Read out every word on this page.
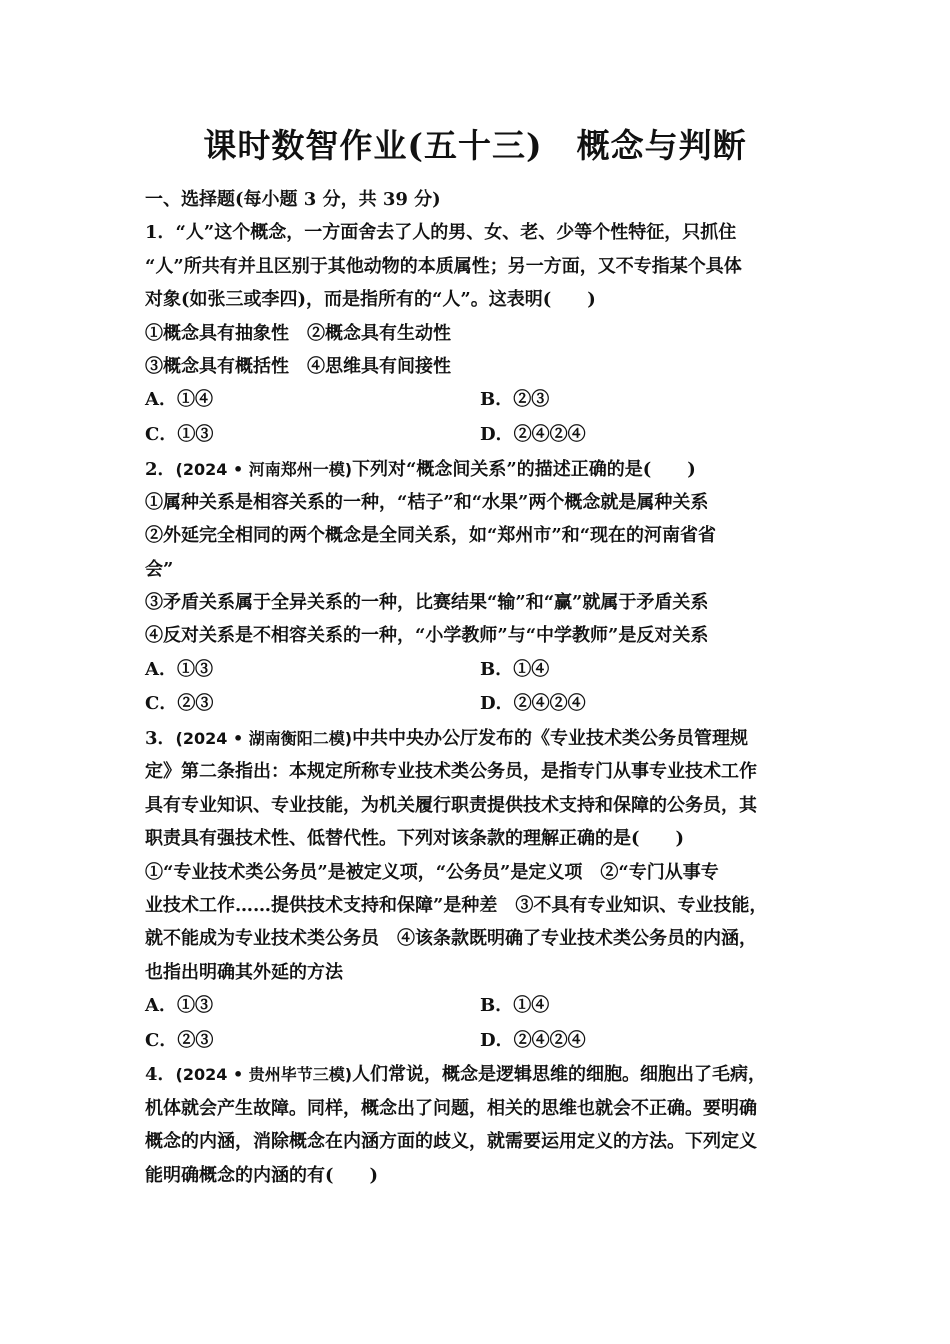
课时数智作业(五十三)　概念与判断
一、选择题(每小题 3 分，共 39 分)
1．“人”这个概念，一方面舍去了人的男、女、老、少等个性特征，只抓住
“人”所共有并且区别于其他动物的本质属性；另一方面，又不专指某个具体
对象(如张三或李四)，而是指所有的“人”。这表明(　　)
①概念具有抽象性　②概念具有生动性
③概念具有概括性　④思维具有间接性
A．①④	B．②③
C．①③	D．②④②④
2．(2024 • 河南郑州一模)下列对“概念间关系”的描述正确的是(　　)
①属种关系是相容关系的一种，“桔子”和“水果”两个概念就是属种关系
②外延完全相同的两个概念是全同关系，如“郑州市”和“现在的河南省省
会”
③矛盾关系属于全异关系的一种，比赛结果“输”和“赢”就属于矛盾关系
④反对关系是不相容关系的一种，“小学教师”与“中学教师”是反对关系
A．①③	B．①④
C．②③	D．②④②④
3．(2024 • 湖南衡阳二模)中共中央办公厅发布的《专业技术类公务员管理规
定》第二条指出：本规定所称专业技术类公务员，是指专门从事专业技术工作
具有专业知识、专业技能，为机关履行职责提供技术支持和保障的公务员，其
职责具有强技术性、低替代性。下列对该条款的理解正确的是(　　)
①“专业技术类公务员”是被定义项，“公务员”是定义项　②“专门从事专
业技术工作……提供技术支持和保障”是种差　③不具有专业知识、专业技能，
就不能成为专业技术类公务员　④该条款既明确了专业技术类公务员的内涵，
也指出明确其外延的方法
A．①③	B．①④
C．②③	D．②④②④
4．(2024 • 贵州毕节三模)人们常说，概念是逻辑思维的细胞。细胞出了毛病，
机体就会产生故障。同样，概念出了问题，相关的思维也就会不正确。要明确
概念的内涵，消除概念在内涵方面的歧义，就需要运用定义的方法。下列定义
能明确概念的内涵的有(　　)
